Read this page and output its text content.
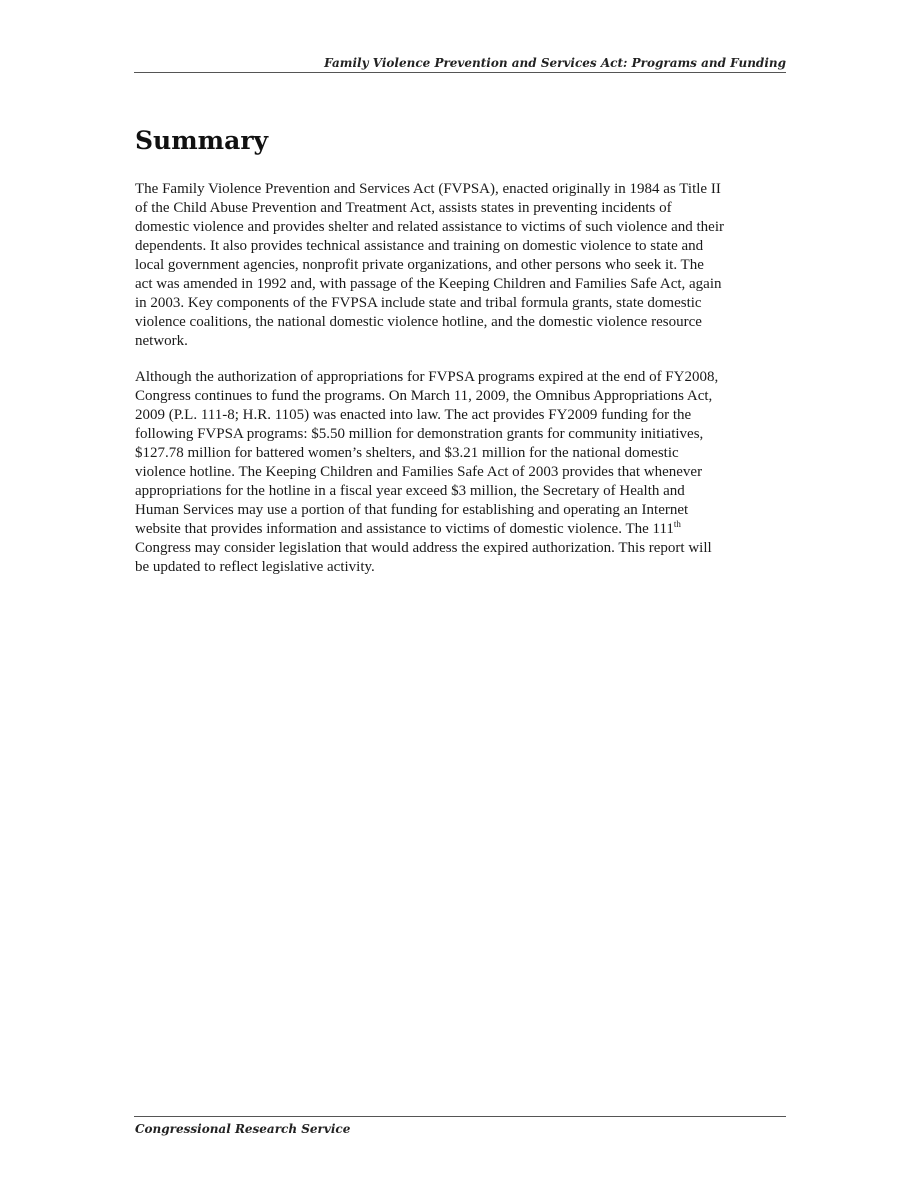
Family Violence Prevention and Services Act: Programs and Funding
Summary
The Family Violence Prevention and Services Act (FVPSA), enacted originally in 1984 as Title II
of the Child Abuse Prevention and Treatment Act, assists states in preventing incidents of
domestic violence and provides shelter and related assistance to victims of such violence and their
dependents. It also provides technical assistance and training on domestic violence to state and
local government agencies, nonprofit private organizations, and other persons who seek it. The
act was amended in 1992 and, with passage of the Keeping Children and Families Safe Act, again
in 2003. Key components of the FVPSA include state and tribal formula grants, state domestic
violence coalitions, the national domestic violence hotline, and the domestic violence resource
network.
Although the authorization of appropriations for FVPSA programs expired at the end of FY2008,
Congress continues to fund the programs. On March 11, 2009, the Omnibus Appropriations Act,
2009 (P.L. 111-8; H.R. 1105) was enacted into law. The act provides FY2009 funding for the
following FVPSA programs: $5.50 million for demonstration grants for community initiatives,
$127.78 million for battered women’s shelters, and $3.21 million for the national domestic
violence hotline. The Keeping Children and Families Safe Act of 2003 provides that whenever
appropriations for the hotline in a fiscal year exceed $3 million, the Secretary of Health and
Human Services may use a portion of that funding for establishing and operating an Internet
website that provides information and assistance to victims of domestic violence. The 111th
Congress may consider legislation that would address the expired authorization. This report will
be updated to reflect legislative activity.
Congressional Research Service
